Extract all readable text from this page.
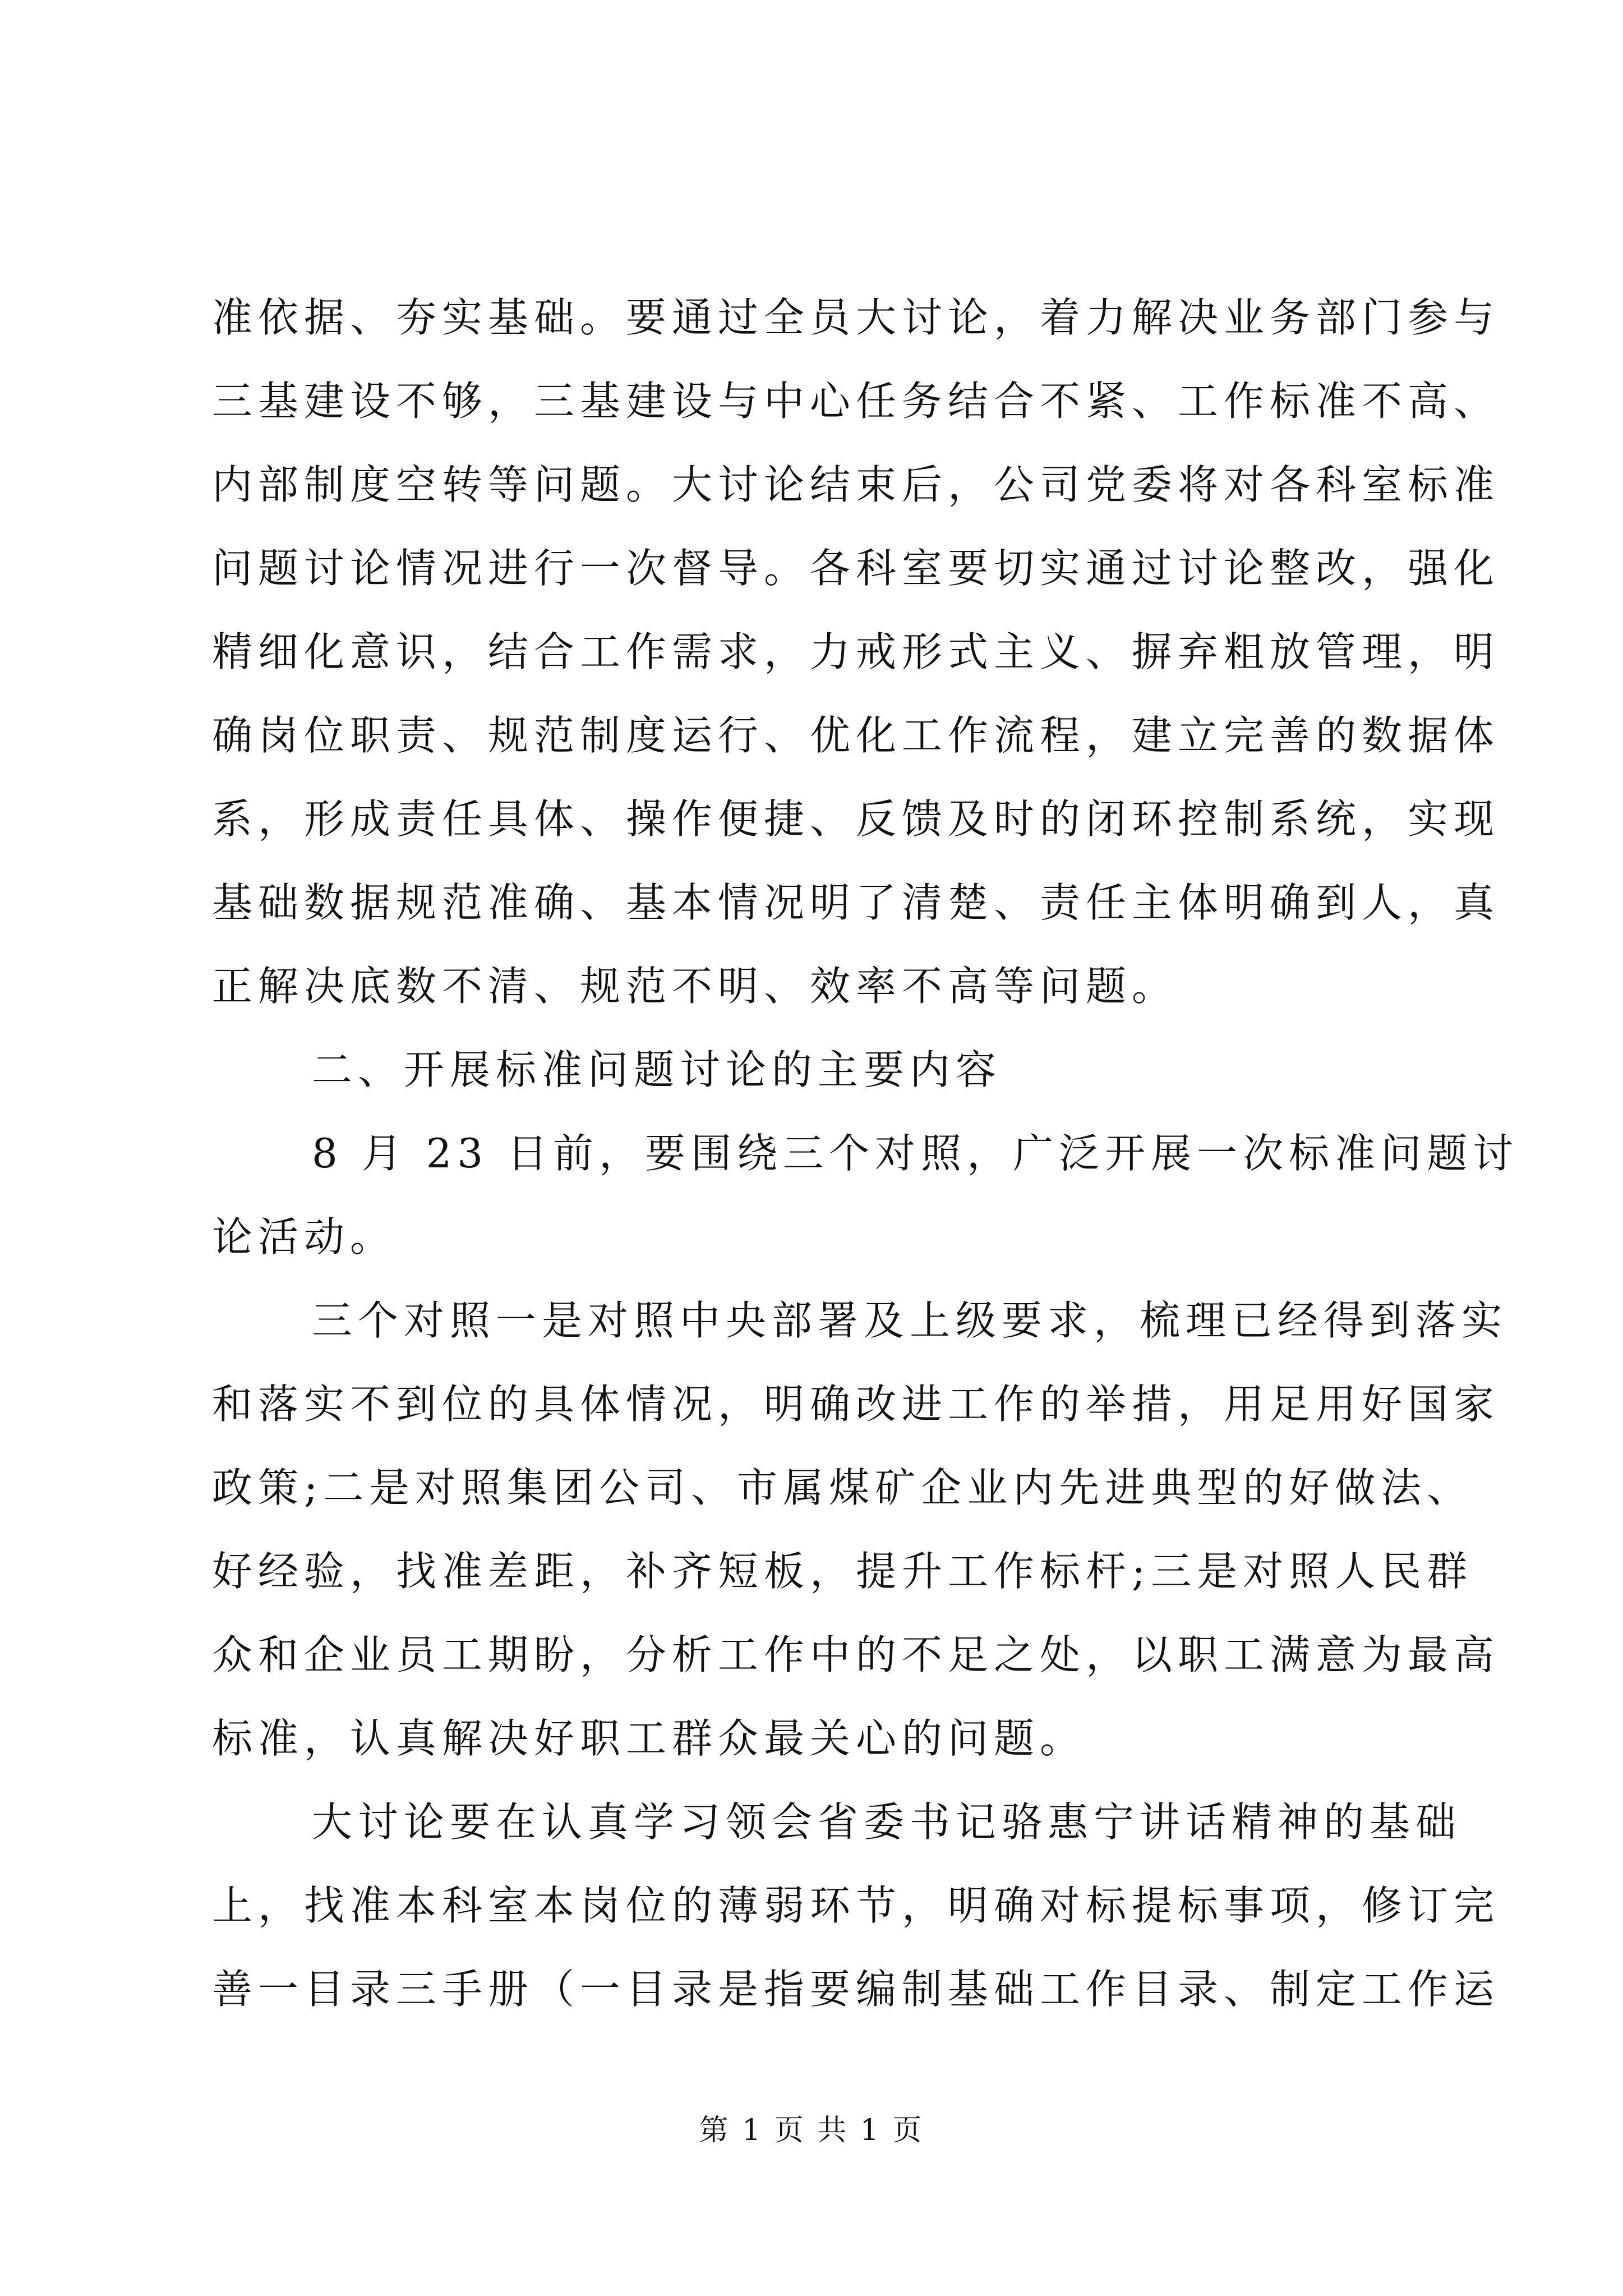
准依据、夯实基础。要通过全员大讨论，着力解决业务部门参与
三基建设不够，三基建设与中心任务结合不紧、工作标准不高、
内部制度空转等问题。大讨论结束后，公司党委将对各科室标准
问题讨论情况进行一次督导。各科室要切实通过讨论整改，强化
精细化意识，结合工作需求，力戒形式主义、摒弃粗放管理，明
确岗位职责、规范制度运行、优化工作流程，建立完善的数据体
系，形成责任具体、操作便捷、反馈及时的闭环控制系统，实现
基础数据规范准确、基本情况明了清楚、责任主体明确到人，真
正解决底数不清、规范不明、效率不高等问题。
二、开展标准问题讨论的主要内容
8 月 23 日前，要围绕三个对照，广泛开展一次标准问题讨
论活动。
三个对照一是对照中央部署及上级要求，梳理已经得到落实
和落实不到位的具体情况，明确改进工作的举措，用足用好国家
政策;二是对照集团公司、市属煤矿企业内先进典型的好做法、
好经验，找准差距，补齐短板，提升工作标杆;三是对照人民群
众和企业员工期盼，分析工作中的不足之处，以职工满意为最高
标准，认真解决好职工群众最关心的问题。
大讨论要在认真学习领会省委书记骆惠宁讲话精神的基础
上，找准本科室本岗位的薄弱环节，明确对标提标事项，修订完
善一目录三手册（一目录是指要编制基础工作目录、制定工作运
第 1 页 共 1 页
